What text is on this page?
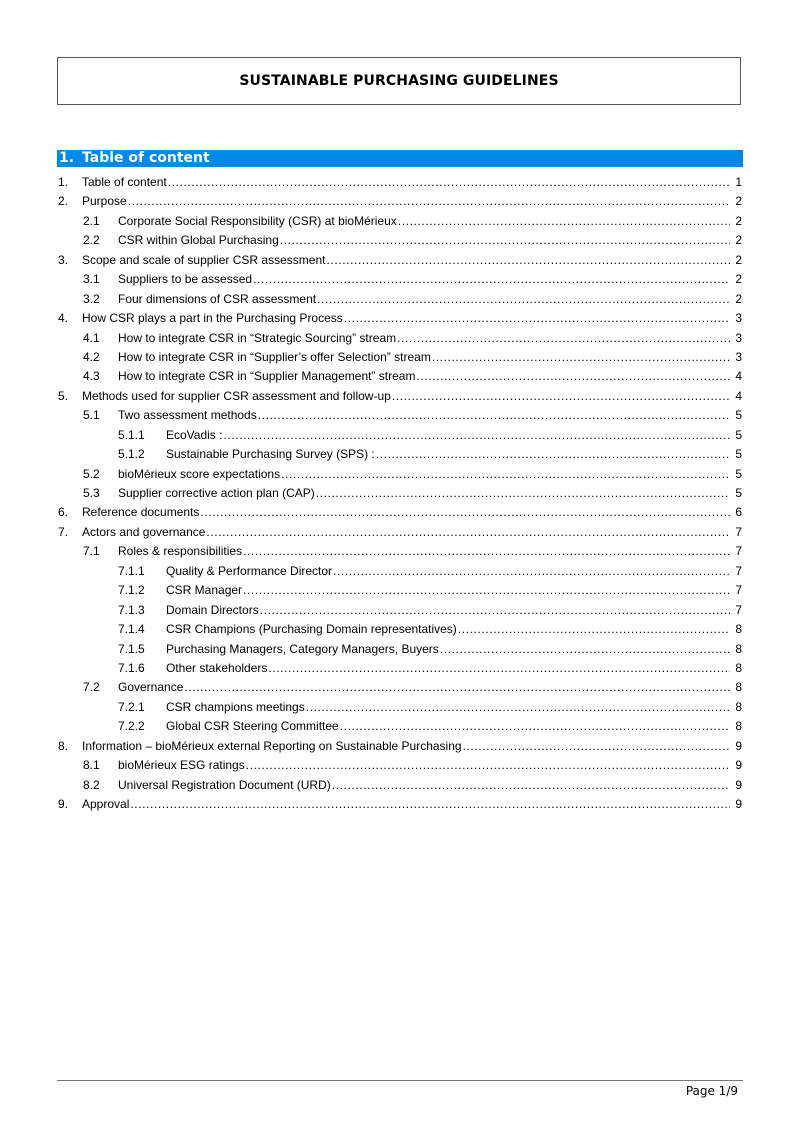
SUSTAINABLE PURCHASING GUIDELINES
1. Table of content
1. Table of content .....	1
2. Purpose .....	2
2.1 Corporate Social Responsibility (CSR) at bioMérieux .....	2
2.2 CSR within Global Purchasing .....	2
3. Scope and scale of supplier CSR assessment .....	2
3.1 Suppliers to be assessed .....	2
3.2 Four dimensions of CSR assessment .....	2
4. How CSR plays a part in the Purchasing Process .....	3
4.1 How to integrate CSR in “Strategic Sourcing” stream .....	3
4.2 How to integrate CSR in “Supplier’s offer Selection” stream .....	3
4.3 How to integrate CSR in “Supplier Management” stream .....	4
5. Methods used for supplier CSR assessment and follow-up .....	4
5.1 Two assessment methods .....	5
5.1.1 EcoVadis : .....	5
5.1.2 Sustainable Purchasing Survey (SPS) : .....	5
5.2 bioMérieux score expectations .....	5
5.3 Supplier corrective action plan (CAP) .....	5
6. Reference documents .....	6
7. Actors and governance .....	7
7.1 Roles & responsibilities .....	7
7.1.1 Quality & Performance Director .....	7
7.1.2 CSR Manager .....	7
7.1.3 Domain Directors .....	7
7.1.4 CSR Champions (Purchasing Domain representatives) .....	8
7.1.5 Purchasing Managers, Category Managers, Buyers .....	8
7.1.6 Other stakeholders .....	8
7.2 Governance .....	8
7.2.1 CSR champions meetings .....	8
7.2.2 Global CSR Steering Committee .....	8
8. Information – bioMérieux external Reporting on Sustainable Purchasing .....	9
8.1 bioMérieux ESG ratings .....	9
8.2 Universal Registration Document (URD) .....	9
9. Approval .....	9
Page 1/9
